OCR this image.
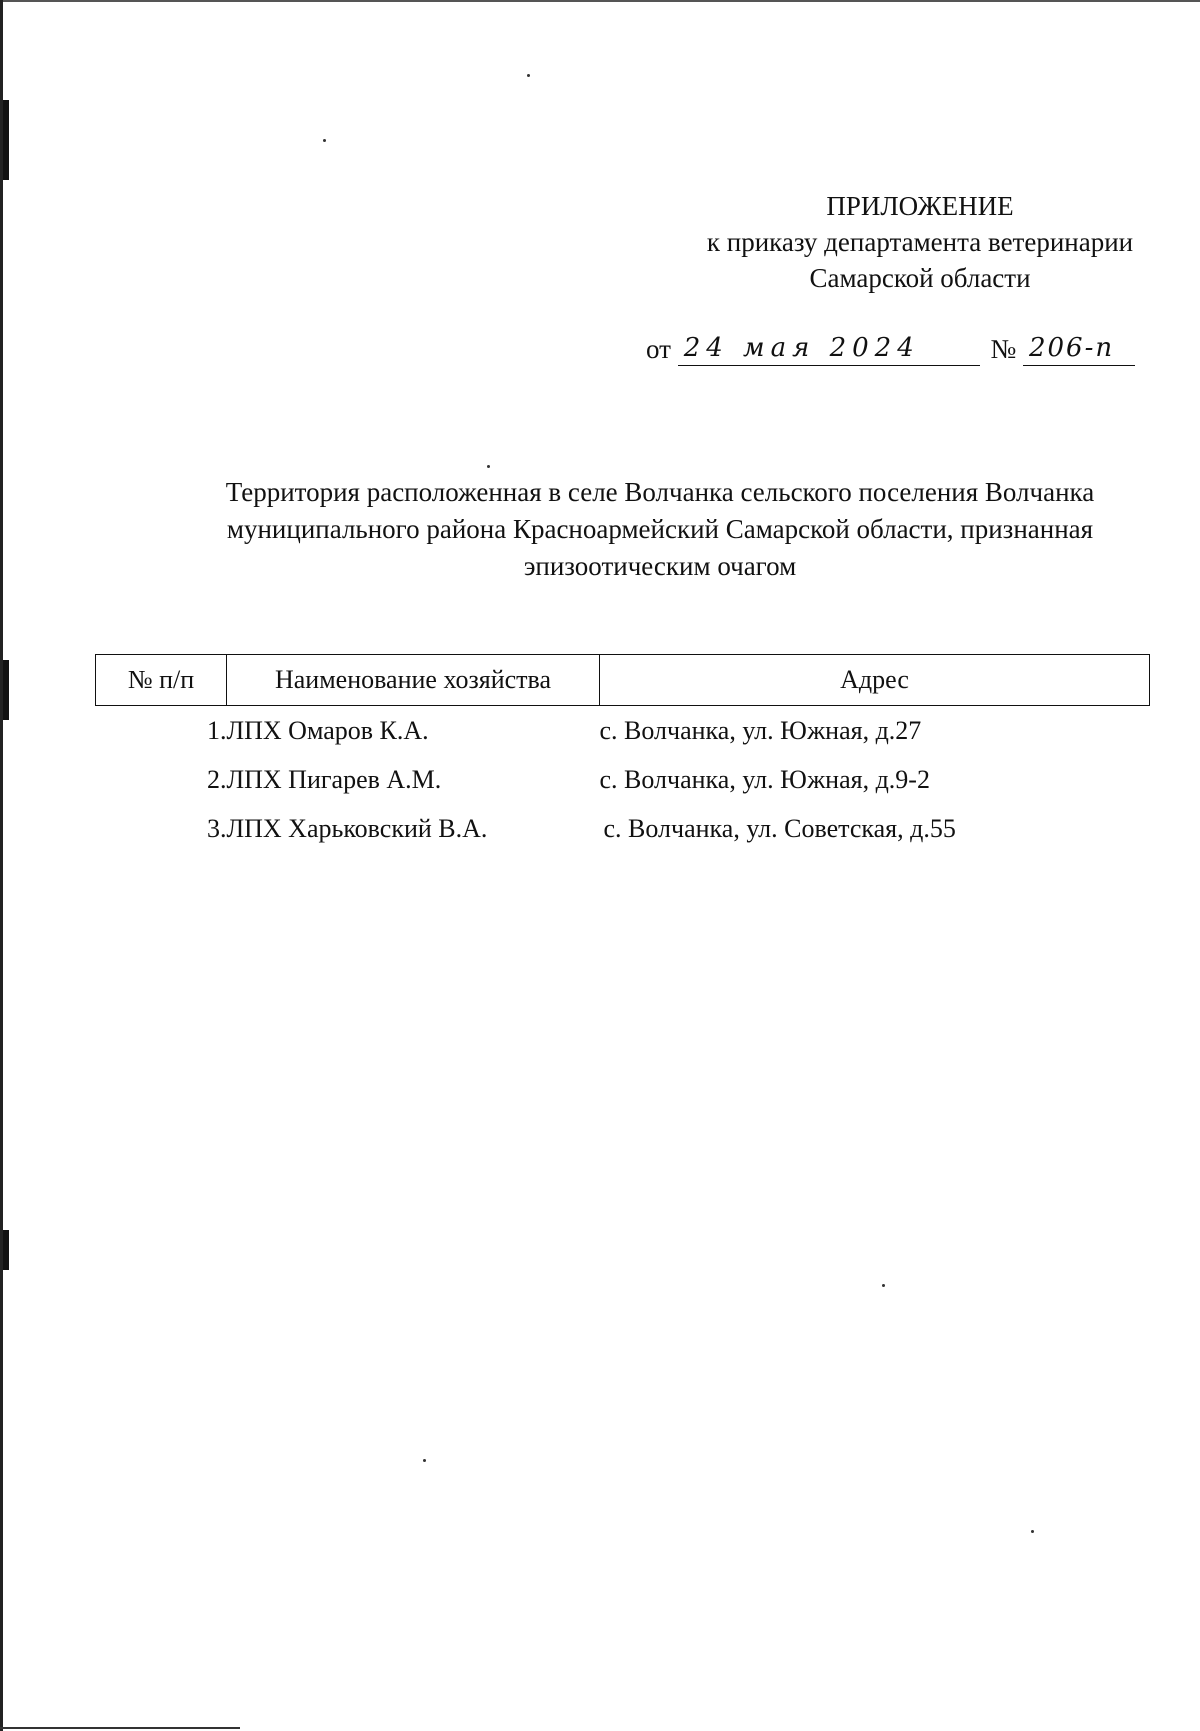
ПРИЛОЖЕНИЕ
к приказу департамента ветеринарии
Самарской области
от 24 мая 2024	№ 206-п
Территория расположенная в селе Волчанка сельского поселения Волчанка
муниципального района Красноармейский Самарской области, признанная
эпизоотическим очагом
№ п/п	Наименование хозяйства	Адрес
1.	ЛПХ Омаров К.А.	с. Волчанка, ул. Южная, д.27
2.	ЛПХ Пигарев А.М.	с. Волчанка, ул. Южная, д.9-2
3.	ЛПХ Харьковский В.А.	с. Волчанка, ул. Советская, д.55
